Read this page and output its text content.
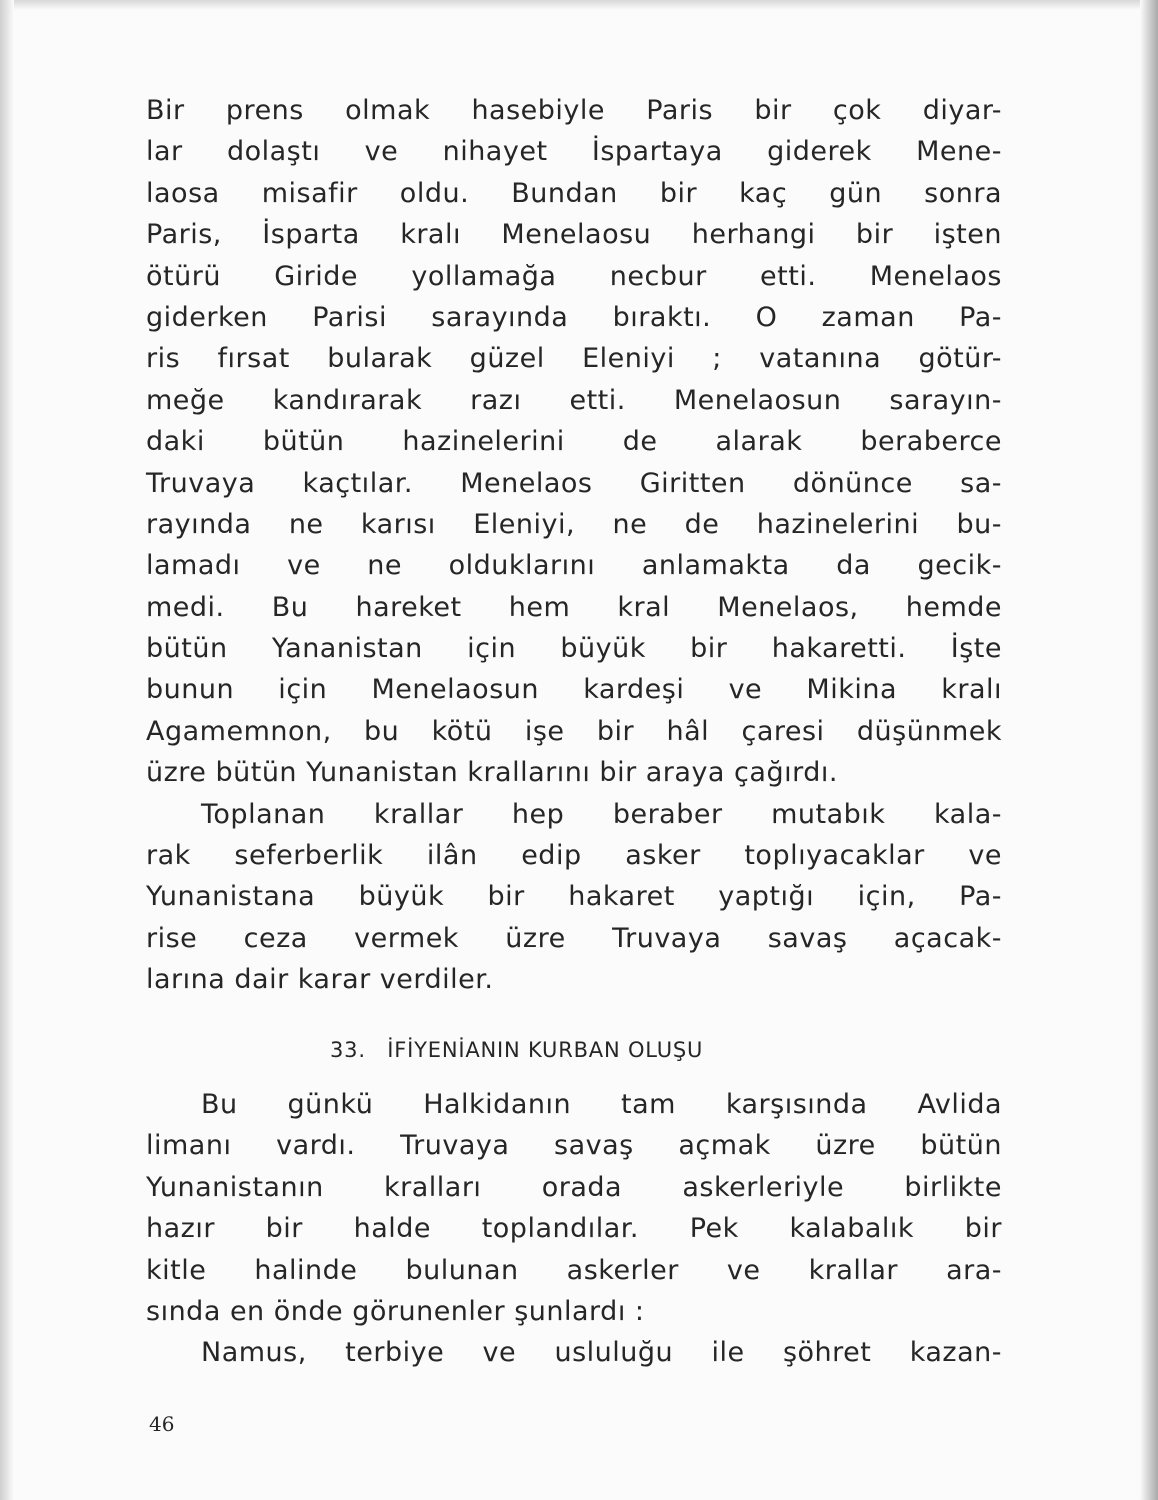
Bir prens olmak hasebiyle Paris bir çok diyar-
lar dolaştı ve nihayet İspartaya giderek Mene-
laosa misafir oldu. Bundan bir kaç gün sonra
Paris, İsparta kralı Menelaosu herhangi bir işten
ötürü Giride yollamağa necbur etti. Menelaos
giderken Parisi sarayında bıraktı. O zaman Pa-
ris fırsat bularak güzel Eleniyi ; vatanına götür-
meğe kandırarak razı etti. Menelaosun sarayın-
daki bütün hazinelerini de alarak beraberce
Truvaya kaçtılar. Menelaos Giritten dönünce sa-
rayında ne karısı Eleniyi, ne de hazinelerini bu-
lamadı ve ne olduklarını anlamakta da gecik-
medi. Bu hareket hem kral Menelaos, hemde
bütün Yananistan için büyük bir hakaretti. İşte
bunun için Menelaosun kardeşi ve Mikina kralı
Agamemnon, bu kötü işe bir hâl çaresi düşünmek
üzre bütün Yunanistan krallarını bir araya çağırdı.
Toplanan krallar hep beraber mutabık kala-
rak seferberlik ilân edip asker toplıyacaklar ve
Yunanistana büyük bir hakaret yaptığı için, Pa-
rise ceza vermek üzre Truvaya savaş açacak-
larına dair karar verdiler.
33. İFİYENİANIN KURBAN OLUŞU
Bu günkü Halkidanın tam karşısında Avlida
limanı vardı. Truvaya savaş açmak üzre bütün
Yunanistanın kralları orada askerleriyle birlikte
hazır bir halde toplandılar. Pek kalabalık bir
kitle halinde bulunan askerler ve krallar ara-
sında en önde görunenler şunlardı :
Namus, terbiye ve usluluğu ile şöhret kazan-
46
